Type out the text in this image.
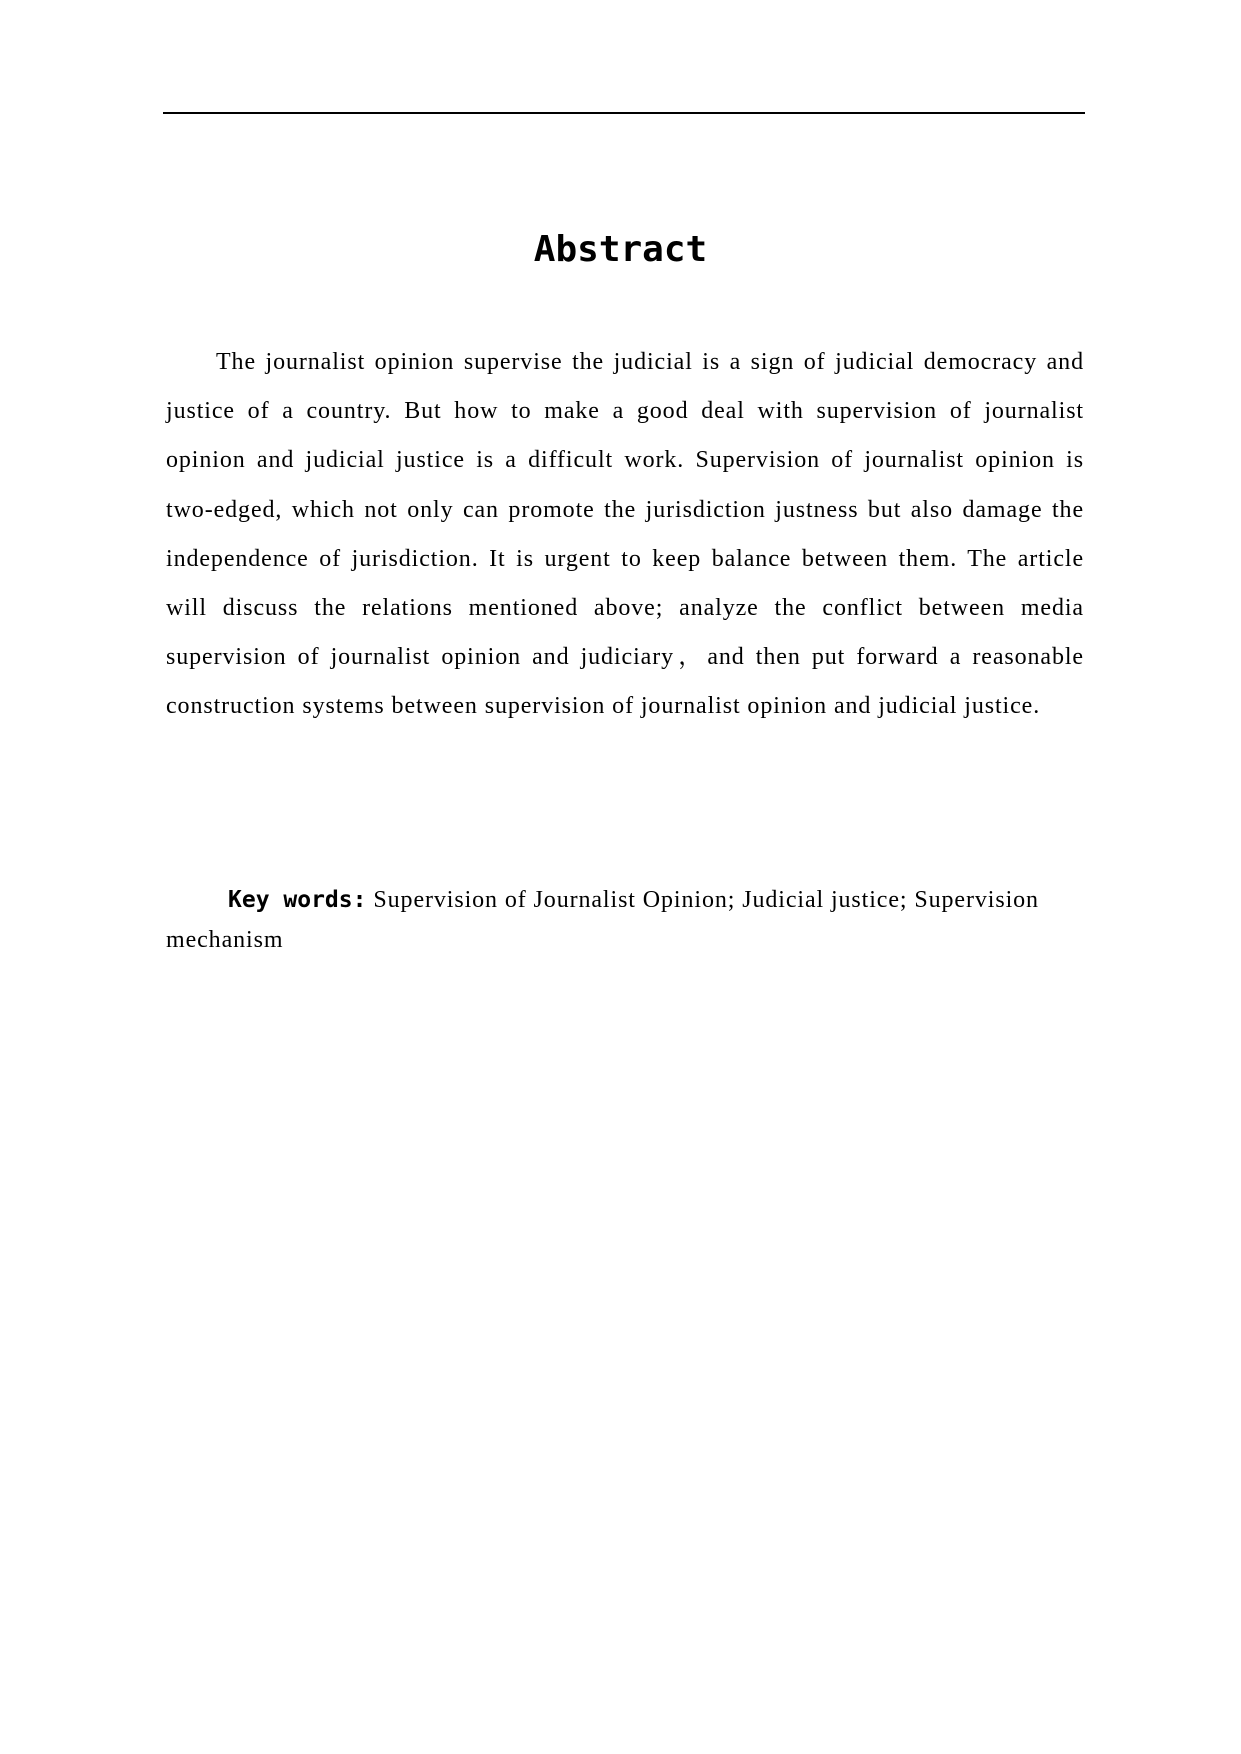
Abstract

The journalist opinion supervise the judicial is a sign of judicial democracy and justice of a country. But how to make a good deal with supervision of journalist opinion and judicial justice is a difficult work. Supervision of journalist opinion is two-edged, which not only can promote the jurisdiction justness but also damage the independence of jurisdiction. It is urgent to keep balance between them. The article will discuss the relations mentioned above; analyze the conflict between media supervision of journalist opinion and judiciary，and then put forward a reasonable construction systems between supervision of journalist opinion and judicial justice.

Key words: Supervision of Journalist Opinion; Judicial justice; Supervision mechanism
